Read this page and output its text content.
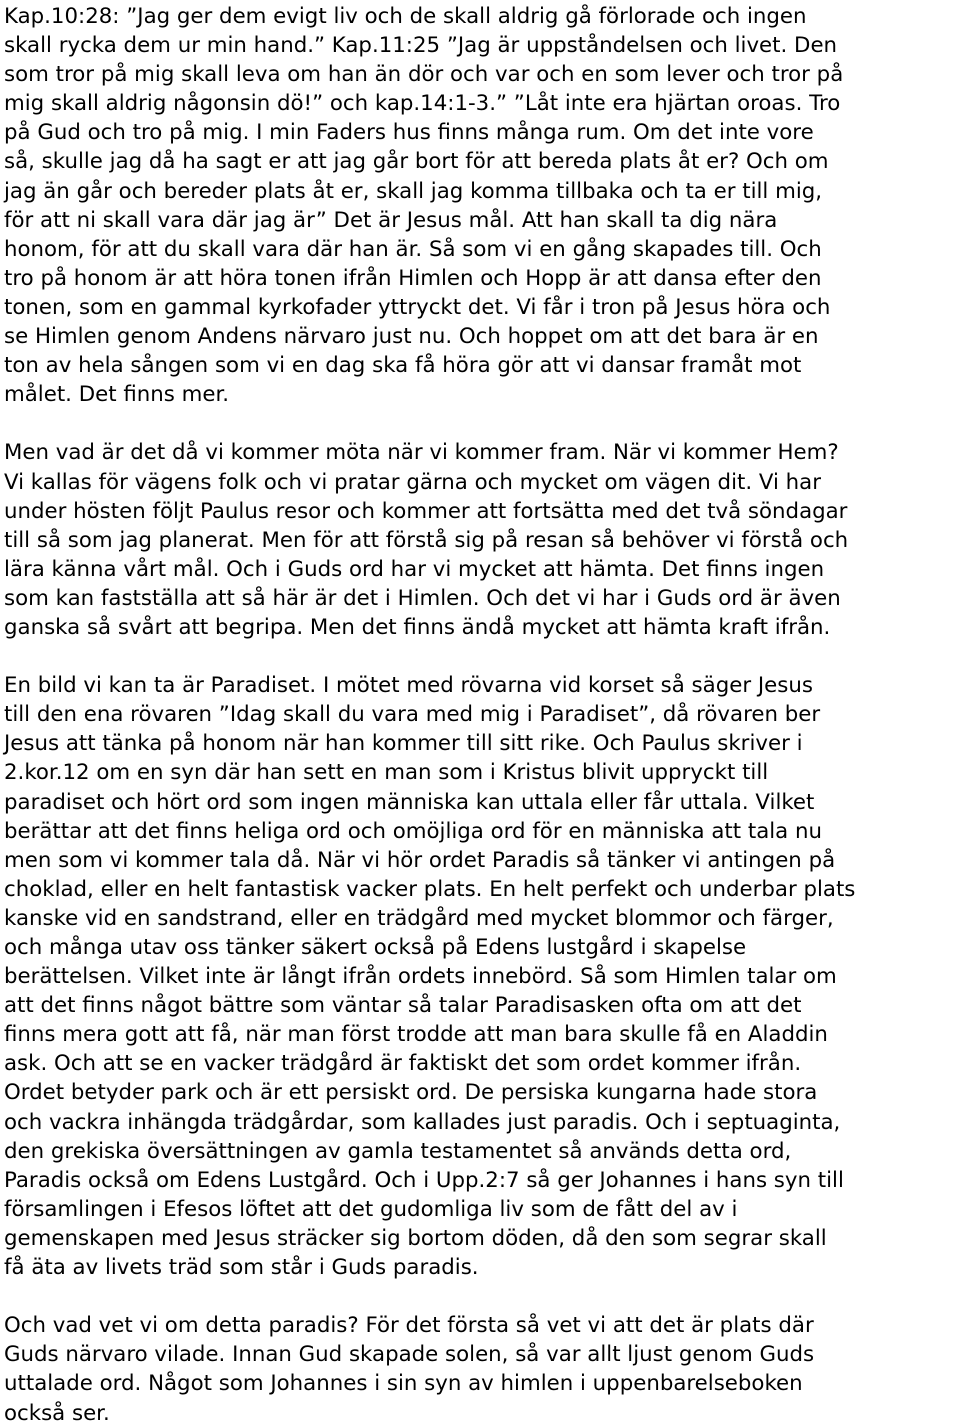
Kap.10:28: ”Jag ger dem evigt liv och de skall aldrig gå förlorade och ingen
skall rycka dem ur min hand.” Kap.11:25 ”Jag är uppståndelsen och livet. Den
som tror på mig skall leva om han än dör och var och en som lever och tror på
mig skall aldrig någonsin dö!” och kap.14:1-3.” ”Låt inte era hjärtan oroas. Tro
på Gud och tro på mig. I min Faders hus finns många rum. Om det inte vore
så, skulle jag då ha sagt er att jag går bort för att bereda plats åt er? Och om
jag än går och bereder plats åt er, skall jag komma tillbaka och ta er till mig,
för att ni skall vara där jag är” Det är Jesus mål. Att han skall ta dig nära
honom, för att du skall vara där han är. Så som vi en gång skapades till. Och
tro på honom är att höra tonen ifrån Himlen och Hopp är att dansa efter den
tonen, som en gammal kyrkofader yttryckt det. Vi får i tron på Jesus höra och
se Himlen genom Andens närvaro just nu. Och hoppet om att det bara är en
ton av hela sången som vi en dag ska få höra gör att vi dansar framåt mot
målet. Det finns mer.
Men vad är det då vi kommer möta när vi kommer fram. När vi kommer Hem?
Vi kallas för vägens folk och vi pratar gärna och mycket om vägen dit. Vi har
under hösten följt Paulus resor och kommer att fortsätta med det två söndagar
till så som jag planerat. Men för att förstå sig på resan så behöver vi förstå och
lära känna vårt mål. Och i Guds ord har vi mycket att hämta. Det finns ingen
som kan fastställa att så här är det i Himlen. Och det vi har i Guds ord är även
ganska så svårt att begripa. Men det finns ändå mycket att hämta kraft ifrån.
En bild vi kan ta är Paradiset. I mötet med rövarna vid korset så säger Jesus
till den ena rövaren ”Idag skall du vara med mig i Paradiset”, då rövaren ber
Jesus att tänka på honom när han kommer till sitt rike. Och Paulus skriver i
2.kor.12 om en syn där han sett en man som i Kristus blivit uppryckt till
paradiset och hört ord som ingen människa kan uttala eller får uttala. Vilket
berättar att det finns heliga ord och omöjliga ord för en människa att tala nu
men som vi kommer tala då. När vi hör ordet Paradis så tänker vi antingen på
choklad, eller en helt fantastisk vacker plats. En helt perfekt och underbar plats
kanske vid en sandstrand, eller en trädgård med mycket blommor och färger,
och många utav oss tänker säkert också på Edens lustgård i skapelse
berättelsen. Vilket inte är långt ifrån ordets innebörd. Så som Himlen talar om
att det finns något bättre som väntar så talar Paradisasken ofta om att det
finns mera gott att få, när man först trodde att man bara skulle få en Aladdin
ask. Och att se en vacker trädgård är faktiskt det som ordet kommer ifrån.
Ordet betyder park och är ett persiskt ord. De persiska kungarna hade stora
och vackra inhängda trädgårdar, som kallades just paradis. Och i septuaginta,
den grekiska översättningen av gamla testamentet så används detta ord,
Paradis också om Edens Lustgård. Och i Upp.2:7 så ger Johannes i hans syn till
församlingen i Efesos löftet att det gudomliga liv som de fått del av i
gemenskapen med Jesus sträcker sig bortom döden, då den som segrar skall
få äta av livets träd som står i Guds paradis.
Och vad vet vi om detta paradis? För det första så vet vi att det är plats där
Guds närvaro vilade. Innan Gud skapade solen, så var allt ljust genom Guds
uttalade ord. Något som Johannes i sin syn av himlen i uppenbarelseboken
också ser.
